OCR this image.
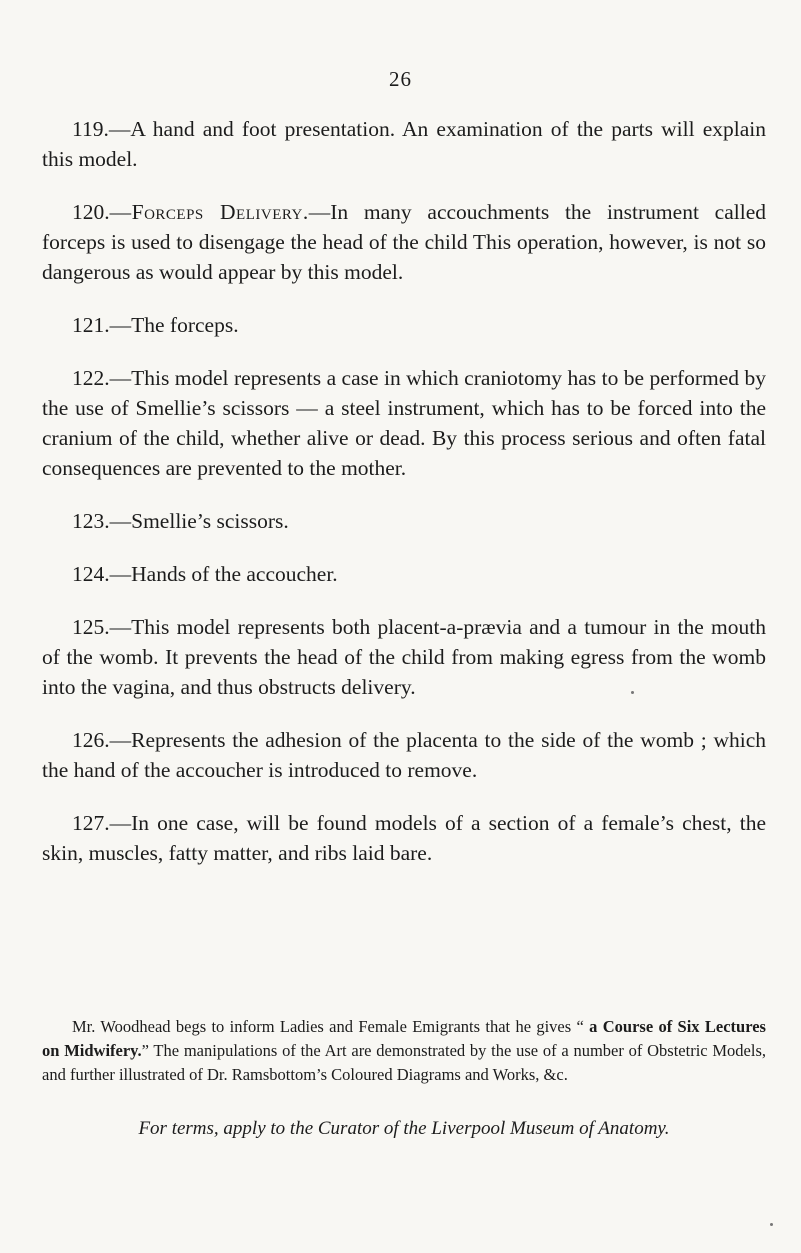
26

119.—A hand and foot presentation. An examination of the parts will explain this model.

120.—Forceps Delivery.—In many accouchments the instrument called forceps is used to disengage the head of the child This operation, however, is not so dangerous as would appear by this model.

121.—The forceps.

122.—This model represents a case in which craniotomy has to be performed by the use of Smellie’s scissors — a steel instrument, which has to be forced into the cranium of the child, whether alive or dead. By this process serious and often fatal consequences are prevented to the mother.

123.—Smellie’s scissors.

124.—Hands of the accoucher.

125.—This model represents both placent-a-prævia and a tumour in the mouth of the womb. It prevents the head of the child from making egress from the womb into the vagina, and thus obstructs delivery.

126.—Represents the adhesion of the placenta to the side of the womb ; which the hand of the accoucher is introduced to remove.

127.—In one case, will be found models of a section of a female’s chest, the skin, muscles, fatty matter, and ribs laid bare.

Mr. Woodhead begs to inform Ladies and Female Emigrants that he gives “ a Course of Six Lectures on Midwifery.” The manipulations of the Art are demonstrated by the use of a number of Obstetric Models, and further illustrated of Dr. Ramsbottom’s Coloured Diagrams and Works, &c.

For terms, apply to the Curator of the Liverpool Museum of Anatomy.
